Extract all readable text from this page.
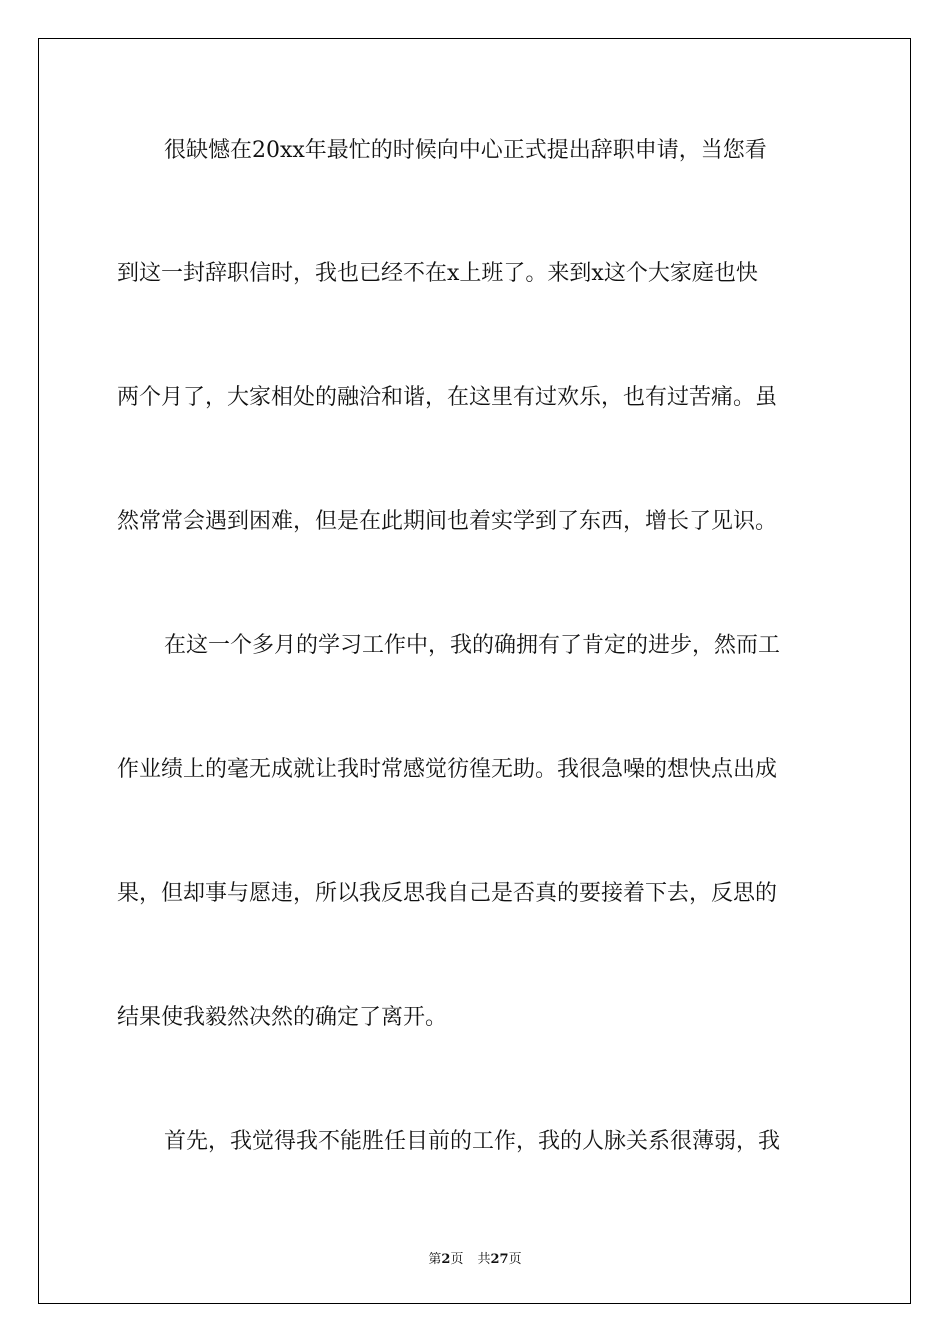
很缺憾在20xx年最忙的时候向中心正式提出辞职申请，当您看
到这一封辞职信时，我也已经不在x上班了。来到x这个大家庭也快
两个月了，大家相处的融洽和谐，在这里有过欢乐，也有过苦痛。虽
然常常会遇到困难，但是在此期间也着实学到了东西，增长了见识。
在这一个多月的学习工作中，我的确拥有了肯定的进步，然而工
作业绩上的毫无成就让我时常感觉彷徨无助。我很急噪的想快点出成
果，但却事与愿违，所以我反思我自己是否真的要接着下去，反思的
结果使我毅然决然的确定了离开。
首先，我觉得我不能胜任目前的工作，我的人脉关系很薄弱，我
第2页 共27页
